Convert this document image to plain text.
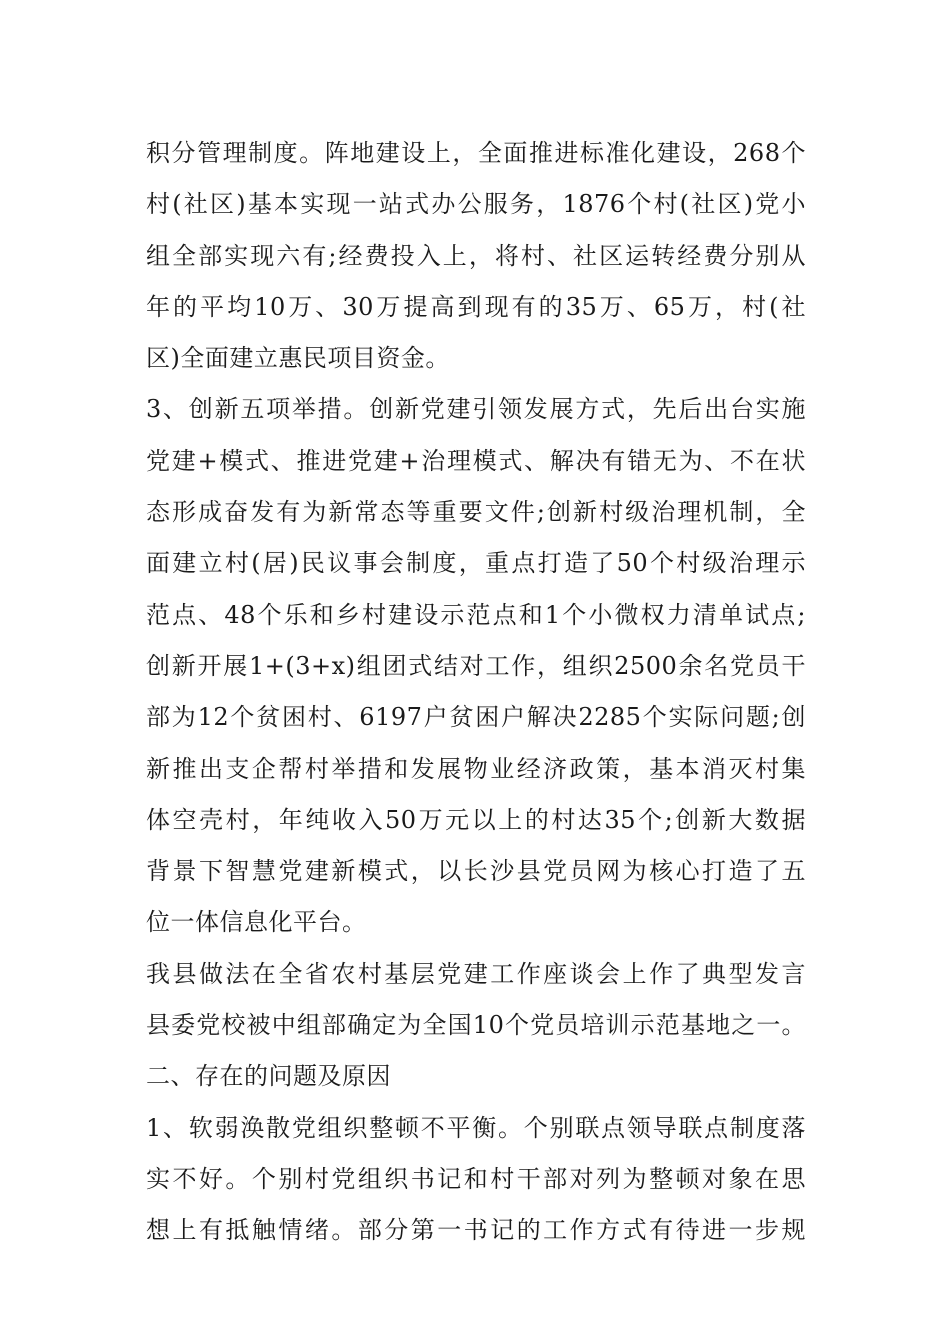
积分管理制度。阵地建设上，全面推进标准化建设，268个
村(社区)基本实现一站式办公服务，1876个村(社区)党小
组全部实现六有;经费投入上，将村、社区运转经费分别从
年的平均10万、30万提高到现有的35万、65万，村(社
区)全面建立惠民项目资金。
3、创新五项举措。创新党建引领发展方式，先后出台实施
党建+模式、推进党建+治理模式、解决有错无为、不在状
态形成奋发有为新常态等重要文件;创新村级治理机制，全
面建立村(居)民议事会制度，重点打造了50个村级治理示
范点、48个乐和乡村建设示范点和1个小微权力清单试点;
创新开展1+(3+x)组团式结对工作，组织2500余名党员干
部为12个贫困村、6197户贫困户解决2285个实际问题;创
新推出支企帮村举措和发展物业经济政策，基本消灭村集
体空壳村，年纯收入50万元以上的村达35个;创新大数据
背景下智慧党建新模式，以长沙县党员网为核心打造了五
位一体信息化平台。
我县做法在全省农村基层党建工作座谈会上作了典型发言
县委党校被中组部确定为全国10个党员培训示范基地之一。
二、存在的问题及原因
1、软弱涣散党组织整顿不平衡。个别联点领导联点制度落
实不好。个别村党组织书记和村干部对列为整顿对象在思
想上有抵触情绪。部分第一书记的工作方式有待进一步规
